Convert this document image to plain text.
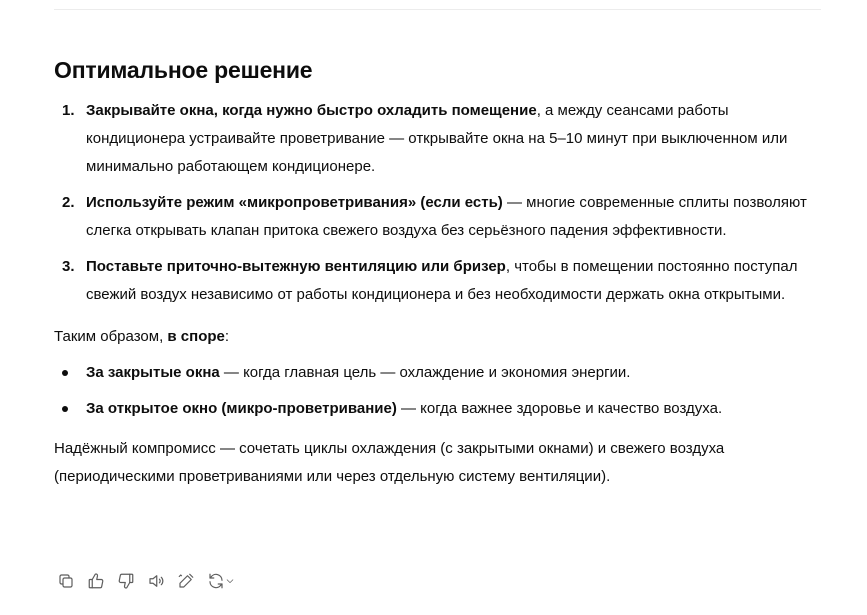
Оптимальное решение
1. Закрывайте окна, когда нужно быстро охладить помещение, а между сеансами работы кондиционера устраивайте проветривание — открывайте окна на 5–10 минут при выключенном или минимально работающем кондиционере.
2. Используйте режим «микропроветривания» (если есть) — многие современные сплиты позволяют слегка открывать клапан притока свежего воздуха без серьёзного падения эффективности.
3. Поставьте приточно-вытежную вентиляцию или бризер, чтобы в помещении постоянно поступал свежий воздух независимо от работы кондиционера и без необходимости держать окна открытыми.

Таким образом, в споре:

За закрытые окна — когда главная цель — охлаждение и экономия энергии.
За открытое окно (микро-проветривание) — когда важнее здоровье и качество воздуха.

Надёжный компромисс — сочетать циклы охлаждения (с закрытыми окнами) и свежего воздуха (периодическими проветриваниями или через отдельную систему вентиляции).
